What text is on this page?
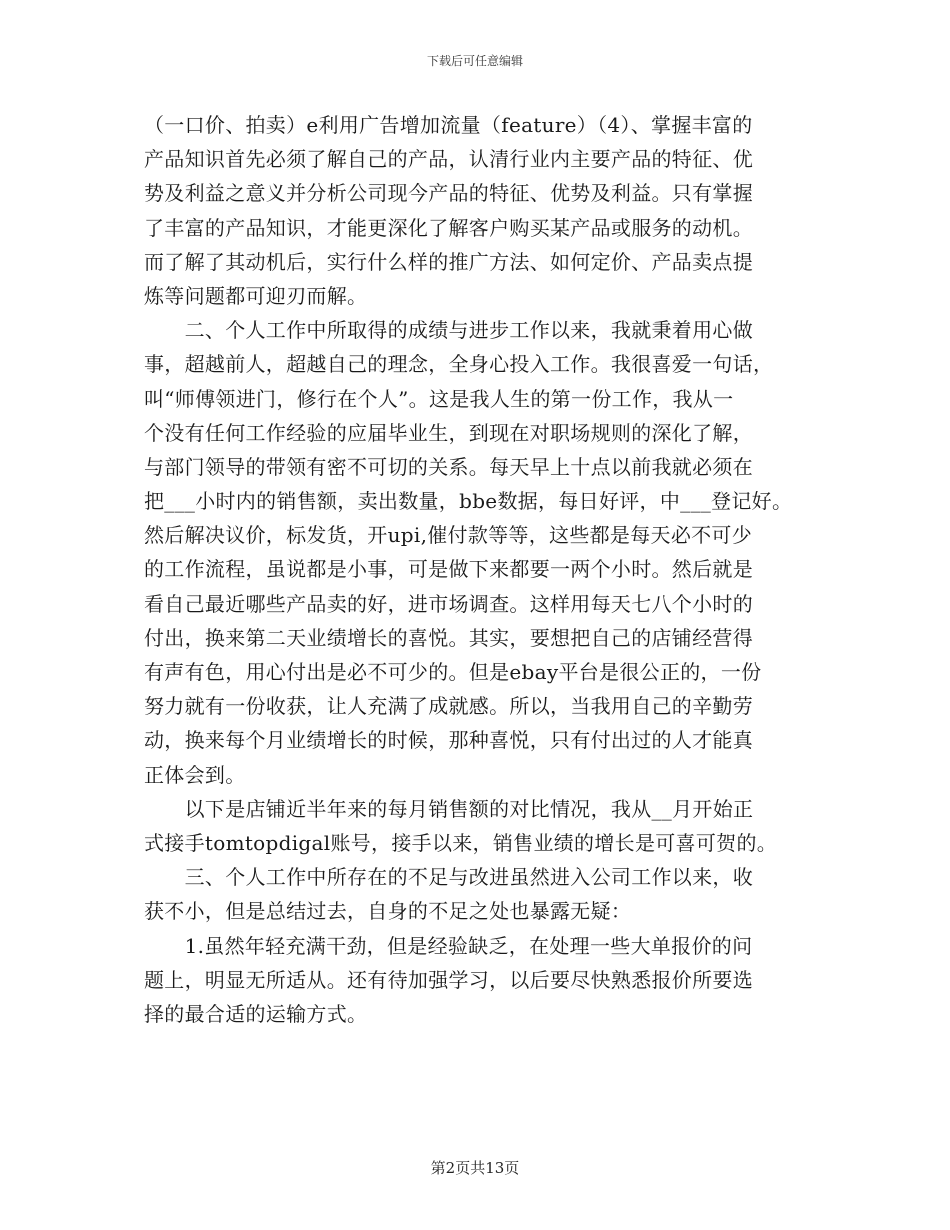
下载后可任意编辑
（一口价、拍卖）e利用广告增加流量（feature）（4）、掌握丰富的
产品知识首先必须了解自己的产品，认清行业内主要产品的特征、优
势及利益之意义并分析公司现今产品的特征、优势及利益。只有掌握
了丰富的产品知识，才能更深化了解客户购买某产品或服务的动机。
而了解了其动机后，实行什么样的推广方法、如何定价、产品卖点提
炼等问题都可迎刃而解。
　　二、个人工作中所取得的成绩与进步工作以来，我就秉着用心做
事，超越前人，超越自己的理念，全身心投入工作。我很喜爱一句话，
叫“师傅领进门，修行在个人”。这是我人生的第一份工作，我从一
个没有任何工作经验的应届毕业生，到现在对职场规则的深化了解，
与部门领导的带领有密不可切的关系。每天早上十点以前我就必须在
把___小时内的销售额，卖出数量，bbe数据，每日好评，中___登记好。
然后解决议价，标发货，开upi,催付款等等，这些都是每天必不可少
的工作流程，虽说都是小事，可是做下来都要一两个小时。然后就是
看自己最近哪些产品卖的好，进市场调查。这样用每天七八个小时的
付出，换来第二天业绩增长的喜悦。其实，要想把自己的店铺经营得
有声有色，用心付出是必不可少的。但是ebay平台是很公正的，一份
努力就有一份收获，让人充满了成就感。所以，当我用自己的辛勤劳
动，换来每个月业绩增长的时候，那种喜悦，只有付出过的人才能真
正体会到。
　　以下是店铺近半年来的每月销售额的对比情况，我从__月开始正
式接手tomtopdigal账号，接手以来，销售业绩的增长是可喜可贺的。
　　三、个人工作中所存在的不足与改进虽然进入公司工作以来，收
获不小，但是总结过去，自身的不足之处也暴露无疑：
　　1.虽然年轻充满干劲，但是经验缺乏，在处理一些大单报价的问
题上，明显无所适从。还有待加强学习，以后要尽快熟悉报价所要选
择的最合适的运输方式。
第2页共13页
